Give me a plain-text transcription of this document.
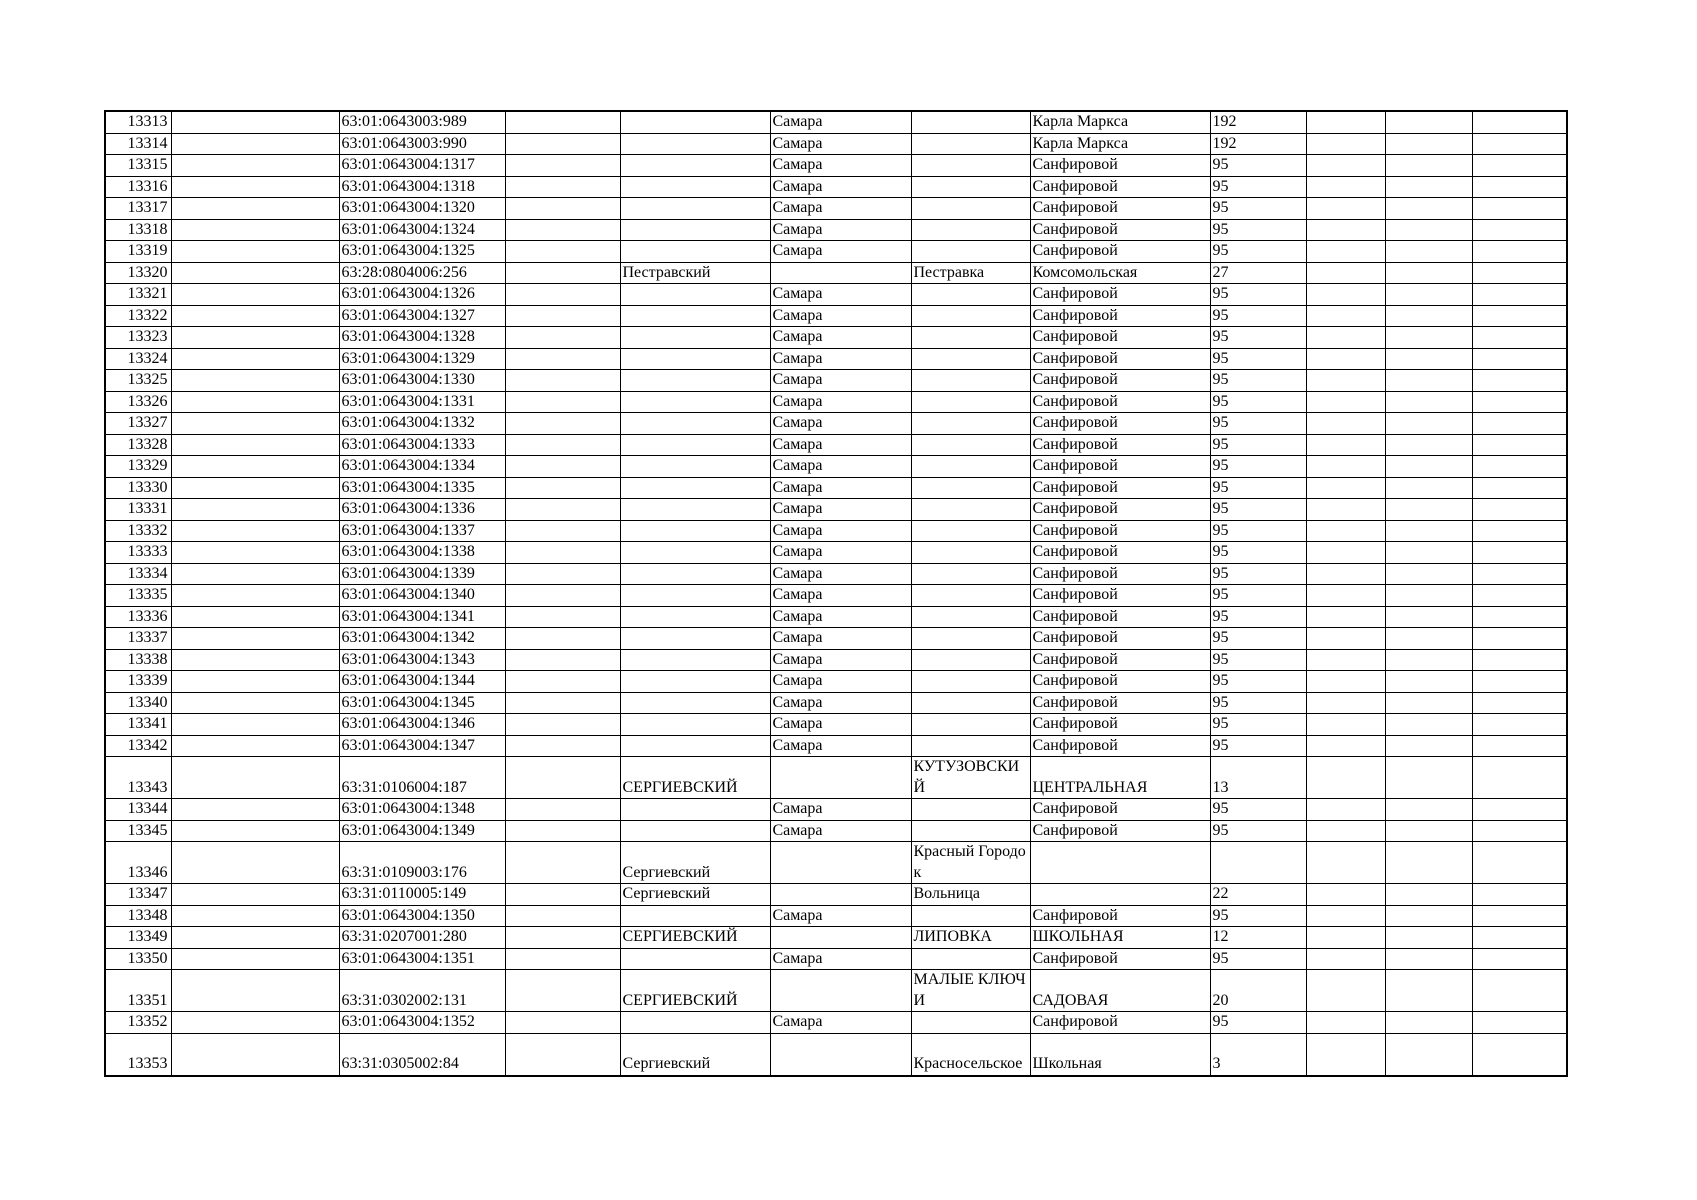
13313		63:01:0643003:989			Самара		Карла Маркса	192			
13314		63:01:0643003:990			Самара		Карла Маркса	192			
13315		63:01:0643004:1317			Самара		Санфировой	95			
13316		63:01:0643004:1318			Самара		Санфировой	95			
13317		63:01:0643004:1320			Самара		Санфировой	95			
13318		63:01:0643004:1324			Самара		Санфировой	95			
13319		63:01:0643004:1325			Самара		Санфировой	95			
13320		63:28:0804006:256		Пестравский		Пестравка	Комсомольская	27			
13321		63:01:0643004:1326			Самара		Санфировой	95			
13322		63:01:0643004:1327			Самара		Санфировой	95			
13323		63:01:0643004:1328			Самара		Санфировой	95			
13324		63:01:0643004:1329			Самара		Санфировой	95			
13325		63:01:0643004:1330			Самара		Санфировой	95			
13326		63:01:0643004:1331			Самара		Санфировой	95			
13327		63:01:0643004:1332			Самара		Санфировой	95			
13328		63:01:0643004:1333			Самара		Санфировой	95			
13329		63:01:0643004:1334			Самара		Санфировой	95			
13330		63:01:0643004:1335			Самара		Санфировой	95			
13331		63:01:0643004:1336			Самара		Санфировой	95			
13332		63:01:0643004:1337			Самара		Санфировой	95			
13333		63:01:0643004:1338			Самара		Санфировой	95			
13334		63:01:0643004:1339			Самара		Санфировой	95			
13335		63:01:0643004:1340			Самара		Санфировой	95			
13336		63:01:0643004:1341			Самара		Санфировой	95			
13337		63:01:0643004:1342			Самара		Санфировой	95			
13338		63:01:0643004:1343			Самара		Санфировой	95			
13339		63:01:0643004:1344			Самара		Санфировой	95			
13340		63:01:0643004:1345			Самара		Санфировой	95			
13341		63:01:0643004:1346			Самара		Санфировой	95			
13342		63:01:0643004:1347			Самара		Санфировой	95			
13343		63:31:0106004:187		СЕРГИЕВСКИЙ		КУТУЗОВСКИЙ	ЦЕНТРАЛЬНАЯ	13			
13344		63:01:0643004:1348			Самара		Санфировой	95			
13345		63:01:0643004:1349			Самара		Санфировой	95			
13346		63:31:0109003:176		Сергиевский		Красный Городок					
13347		63:31:0110005:149		Сергиевский		Вольница		22			
13348		63:01:0643004:1350			Самара		Санфировой	95			
13349		63:31:0207001:280		СЕРГИЕВСКИЙ		ЛИПОВКА	ШКОЛЬНАЯ	12			
13350		63:01:0643004:1351			Самара		Санфировой	95			
13351		63:31:0302002:131		СЕРГИЕВСКИЙ		МАЛЫЕ КЛЮЧИ	САДОВАЯ	20			
13352		63:01:0643004:1352			Самара		Санфировой	95			
13353		63:31:0305002:84		Сергиевский		Красносельское	Школьная	3			
